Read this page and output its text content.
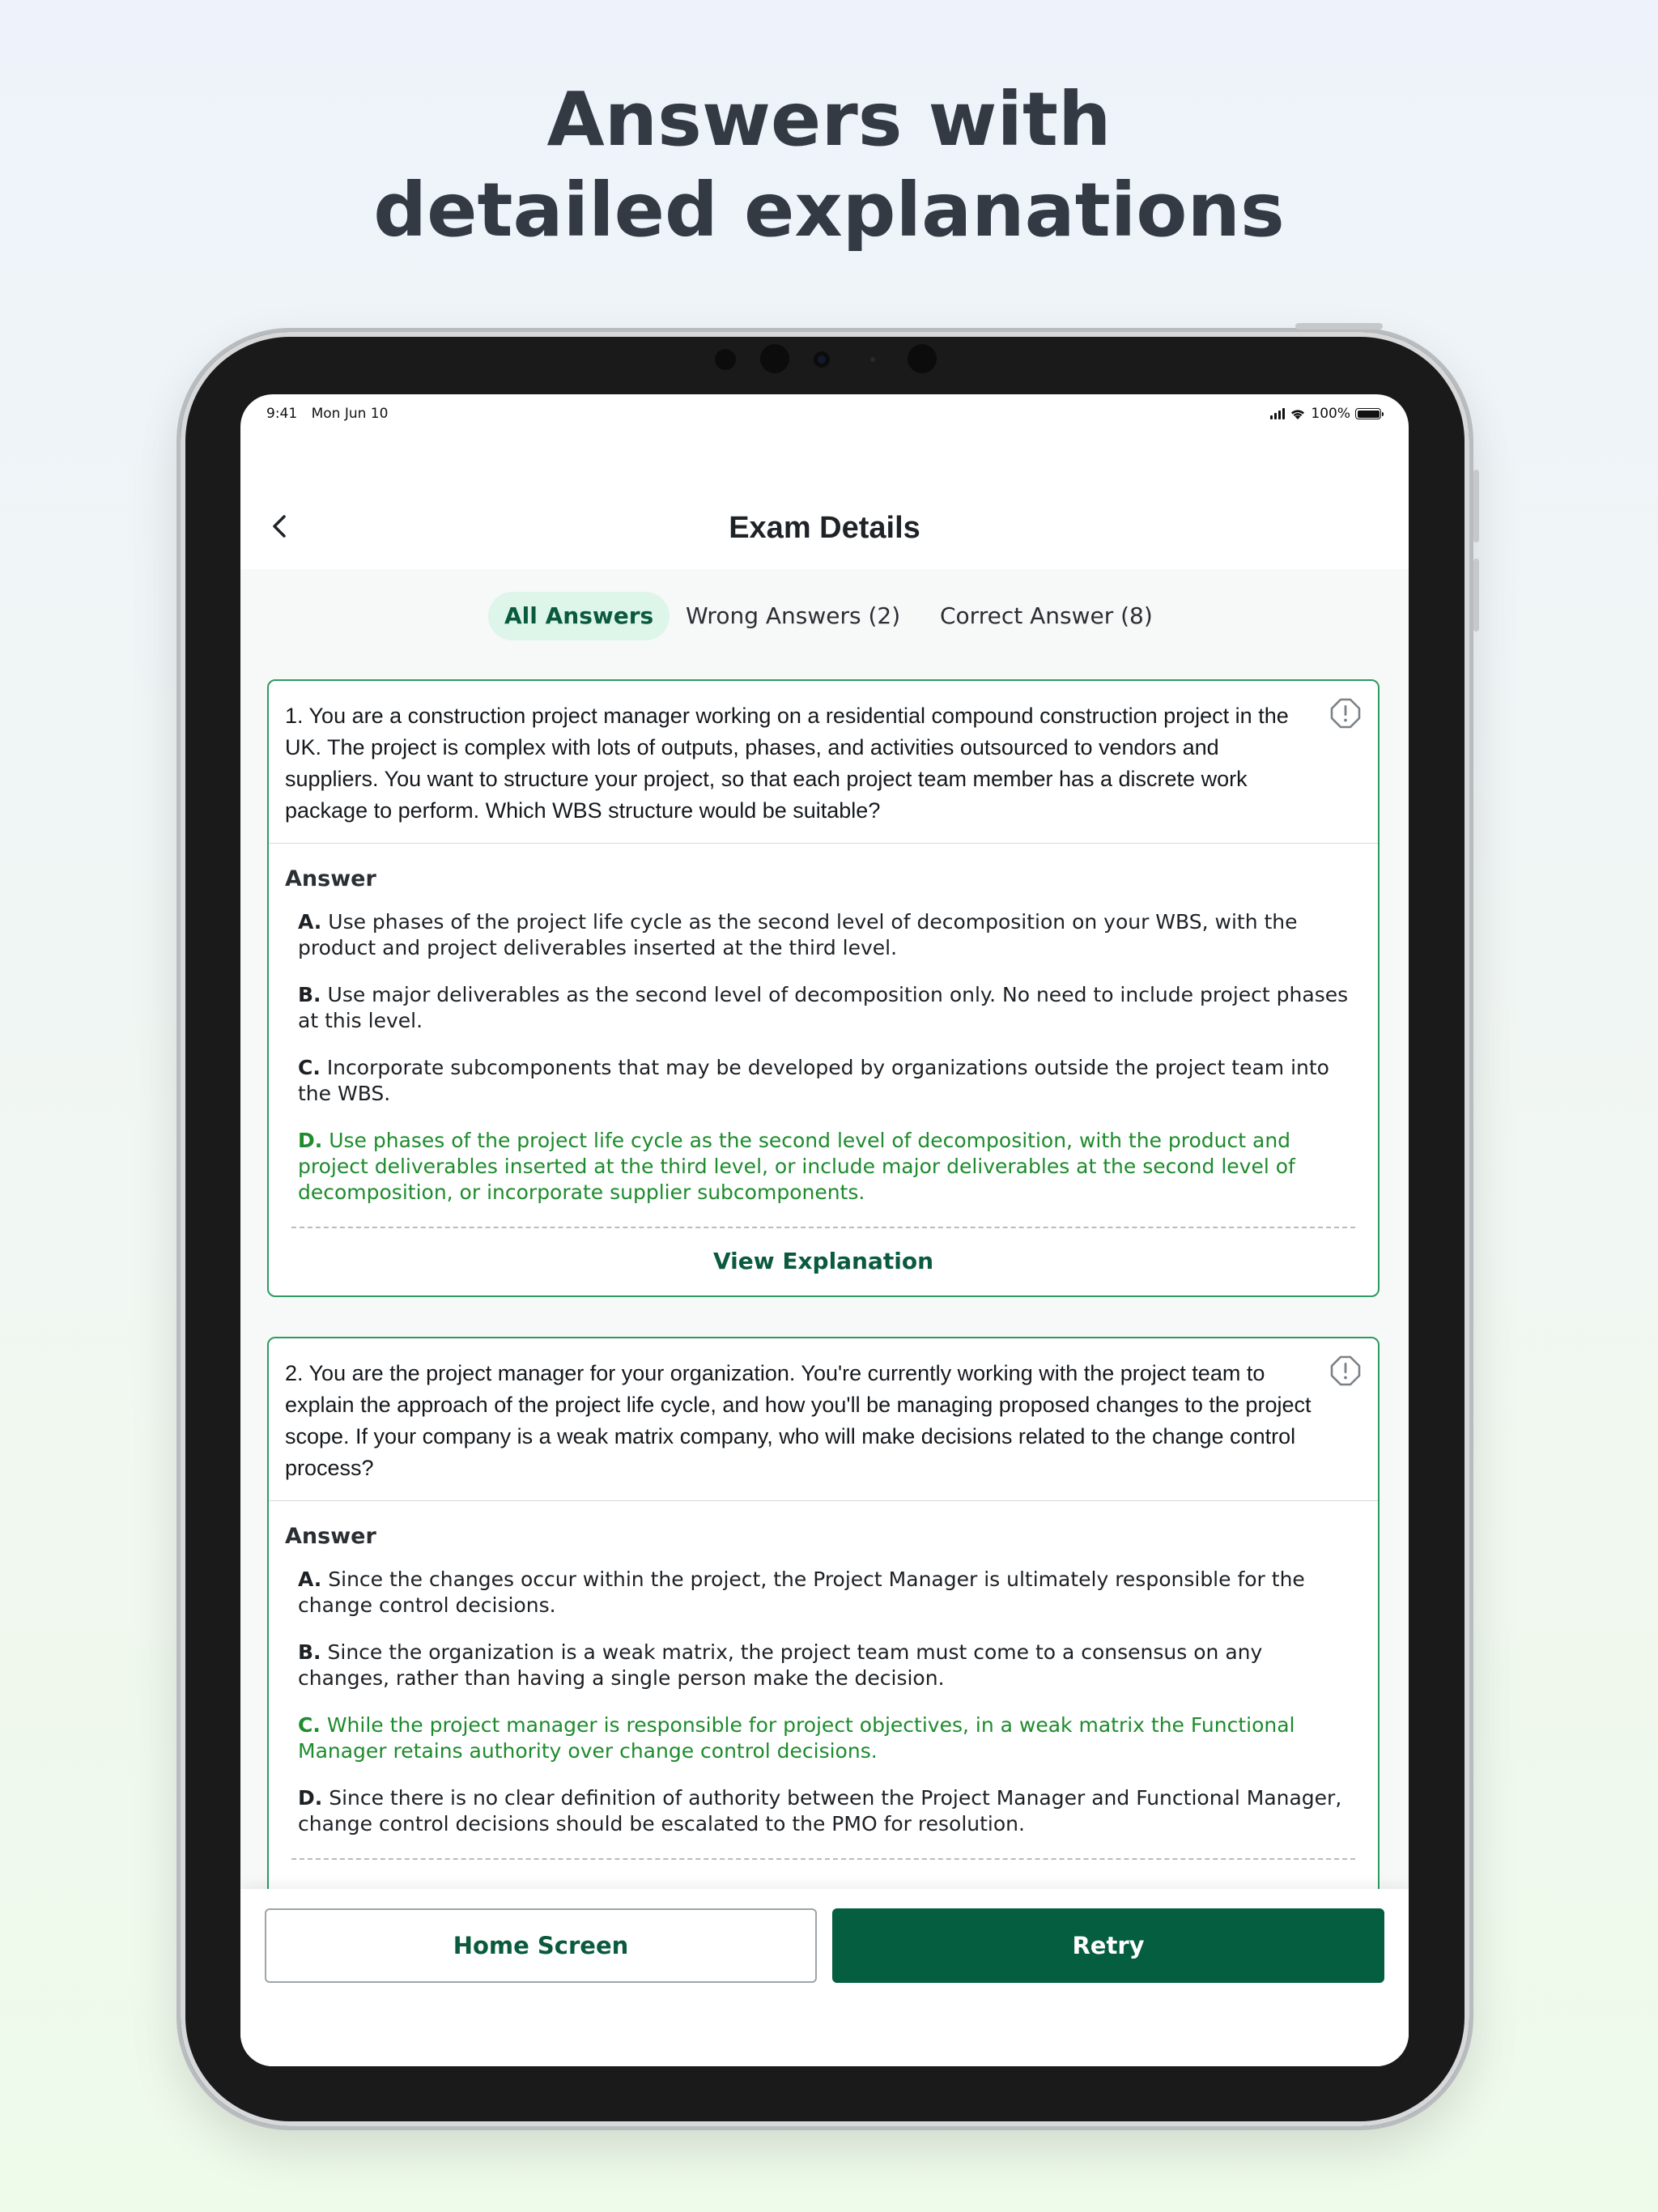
Answers with
detailed explanations
9:41 Mon Jun 10	100%
Exam Details
All Answers	Wrong Answers (2) Correct Answer (8)
1. You are a construction project manager working on a residential compound construction project in the UK. The project is complex with lots of outputs, phases, and activities outsourced to vendors and suppliers. You want to structure your project, so that each project team member has a discrete work package to perform. Which WBS structure would be suitable?
Answer
A. Use phases of the project life cycle as the second level of decomposition on your WBS, with the product and project deliverables inserted at the third level.
B. Use major deliverables as the second level of decomposition only. No need to include project phases at this level.
C. Incorporate subcomponents that may be developed by organizations outside the project team into the WBS.
D. Use phases of the project life cycle as the second level of decomposition, with the product and project deliverables inserted at the third level, or include major deliverables at the second level of decomposition, or incorporate supplier subcomponents.
View Explanation
2. You are the project manager for your organization. You're currently working with the project team to explain the approach of the project life cycle, and how you'll be managing proposed changes to the project scope. If your company is a weak matrix company, who will make decisions related to the change control process?
Answer
A. Since the changes occur within the project, the Project Manager is ultimately responsible for the change control decisions.
B. Since the organization is a weak matrix, the project team must come to a consensus on any changes, rather than having a single person make the decision.
C. While the project manager is responsible for project objectives, in a weak matrix the Functional Manager retains authority over change control decisions.
D. Since there is no clear definition of authority between the Project Manager and Functional Manager, change control decisions should be escalated to the PMO for resolution.
Home Screen	Retry
